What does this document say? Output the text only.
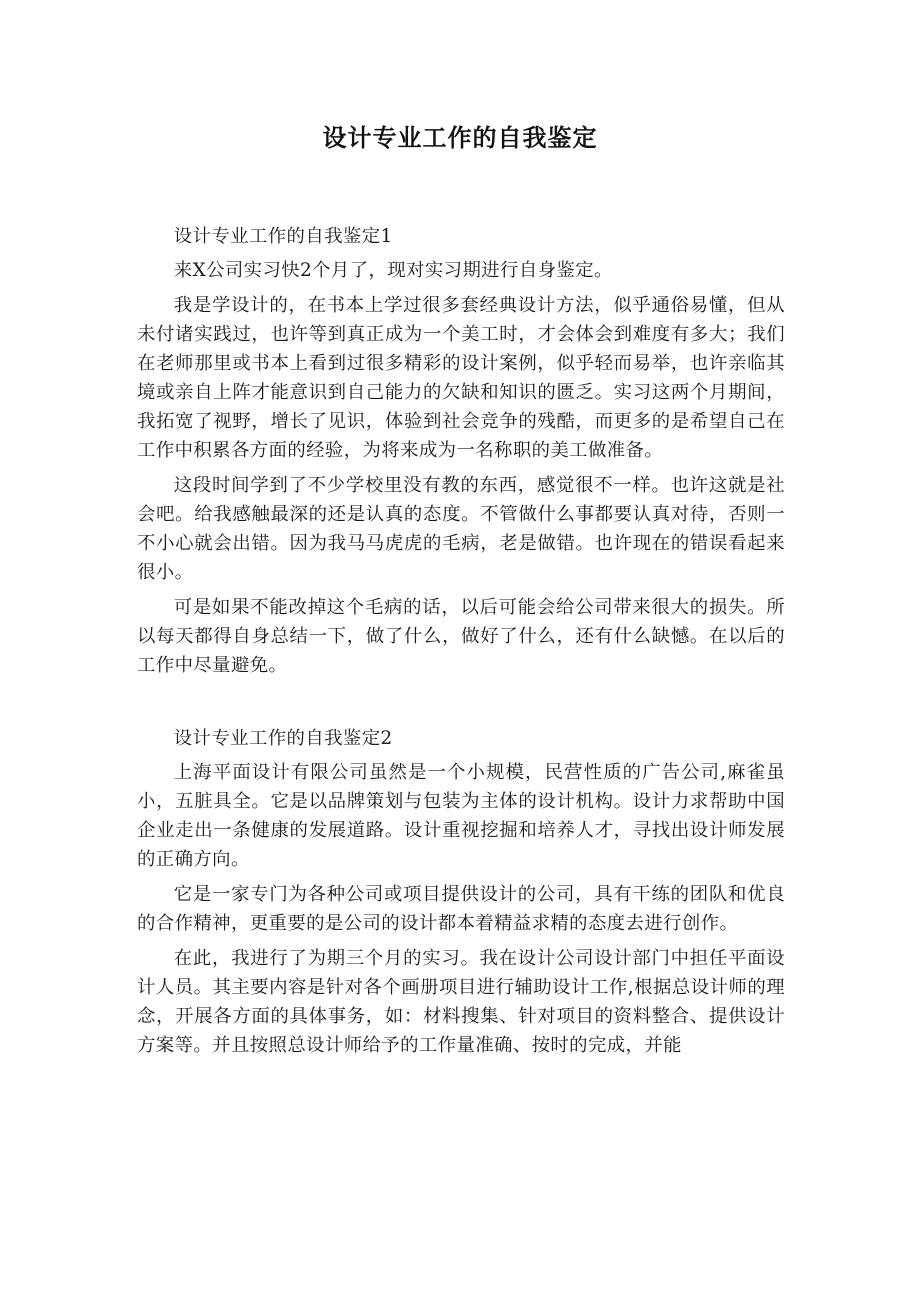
设计专业工作的自我鉴定

设计专业工作的自我鉴定1

来X公司实习快2个月了，现对实习期进行自身鉴定。

我是学设计的，在书本上学过很多套经典设计方法，似乎通俗易懂，但从未付诸实践过，也许等到真正成为一个美工时，才会体会到难度有多大；我们在老师那里或书本上看到过很多精彩的设计案例，似乎轻而易举，也许亲临其境或亲自上阵才能意识到自己能力的欠缺和知识的匮乏。实习这两个月期间，我拓宽了视野，增长了见识，体验到社会竞争的残酷，而更多的是希望自己在工作中积累各方面的经验，为将来成为一名称职的美工做准备。

这段时间学到了不少学校里没有教的东西，感觉很不一样。也许这就是社会吧。给我感触最深的还是认真的态度。不管做什么事都要认真对待，否则一不小心就会出错。因为我马马虎虎的毛病，老是做错。也许现在的错误看起来很小。

可是如果不能改掉这个毛病的话，以后可能会给公司带来很大的损失。所以每天都得自身总结一下，做了什么，做好了什么，还有什么缺憾。在以后的工作中尽量避免。

设计专业工作的自我鉴定2

上海平面设计有限公司虽然是一个小规模，民营性质的广告公司,麻雀虽小，五脏具全。它是以品牌策划与包装为主体的设计机构。设计力求帮助中国企业走出一条健康的发展道路。设计重视挖掘和培养人才，寻找出设计师发展的正确方向。

它是一家专门为各种公司或项目提供设计的公司，具有干练的团队和优良的合作精神，更重要的是公司的设计都本着精益求精的态度去进行创作。

在此，我进行了为期三个月的实习。我在设计公司设计部门中担任平面设计人员。其主要内容是针对各个画册项目进行辅助设计工作,根据总设计师的理念，开展各方面的具体事务，如：材料搜集、针对项目的资料整合、提供设计方案等。并且按照总设计师给予的工作量准确、按时的完成，并能
